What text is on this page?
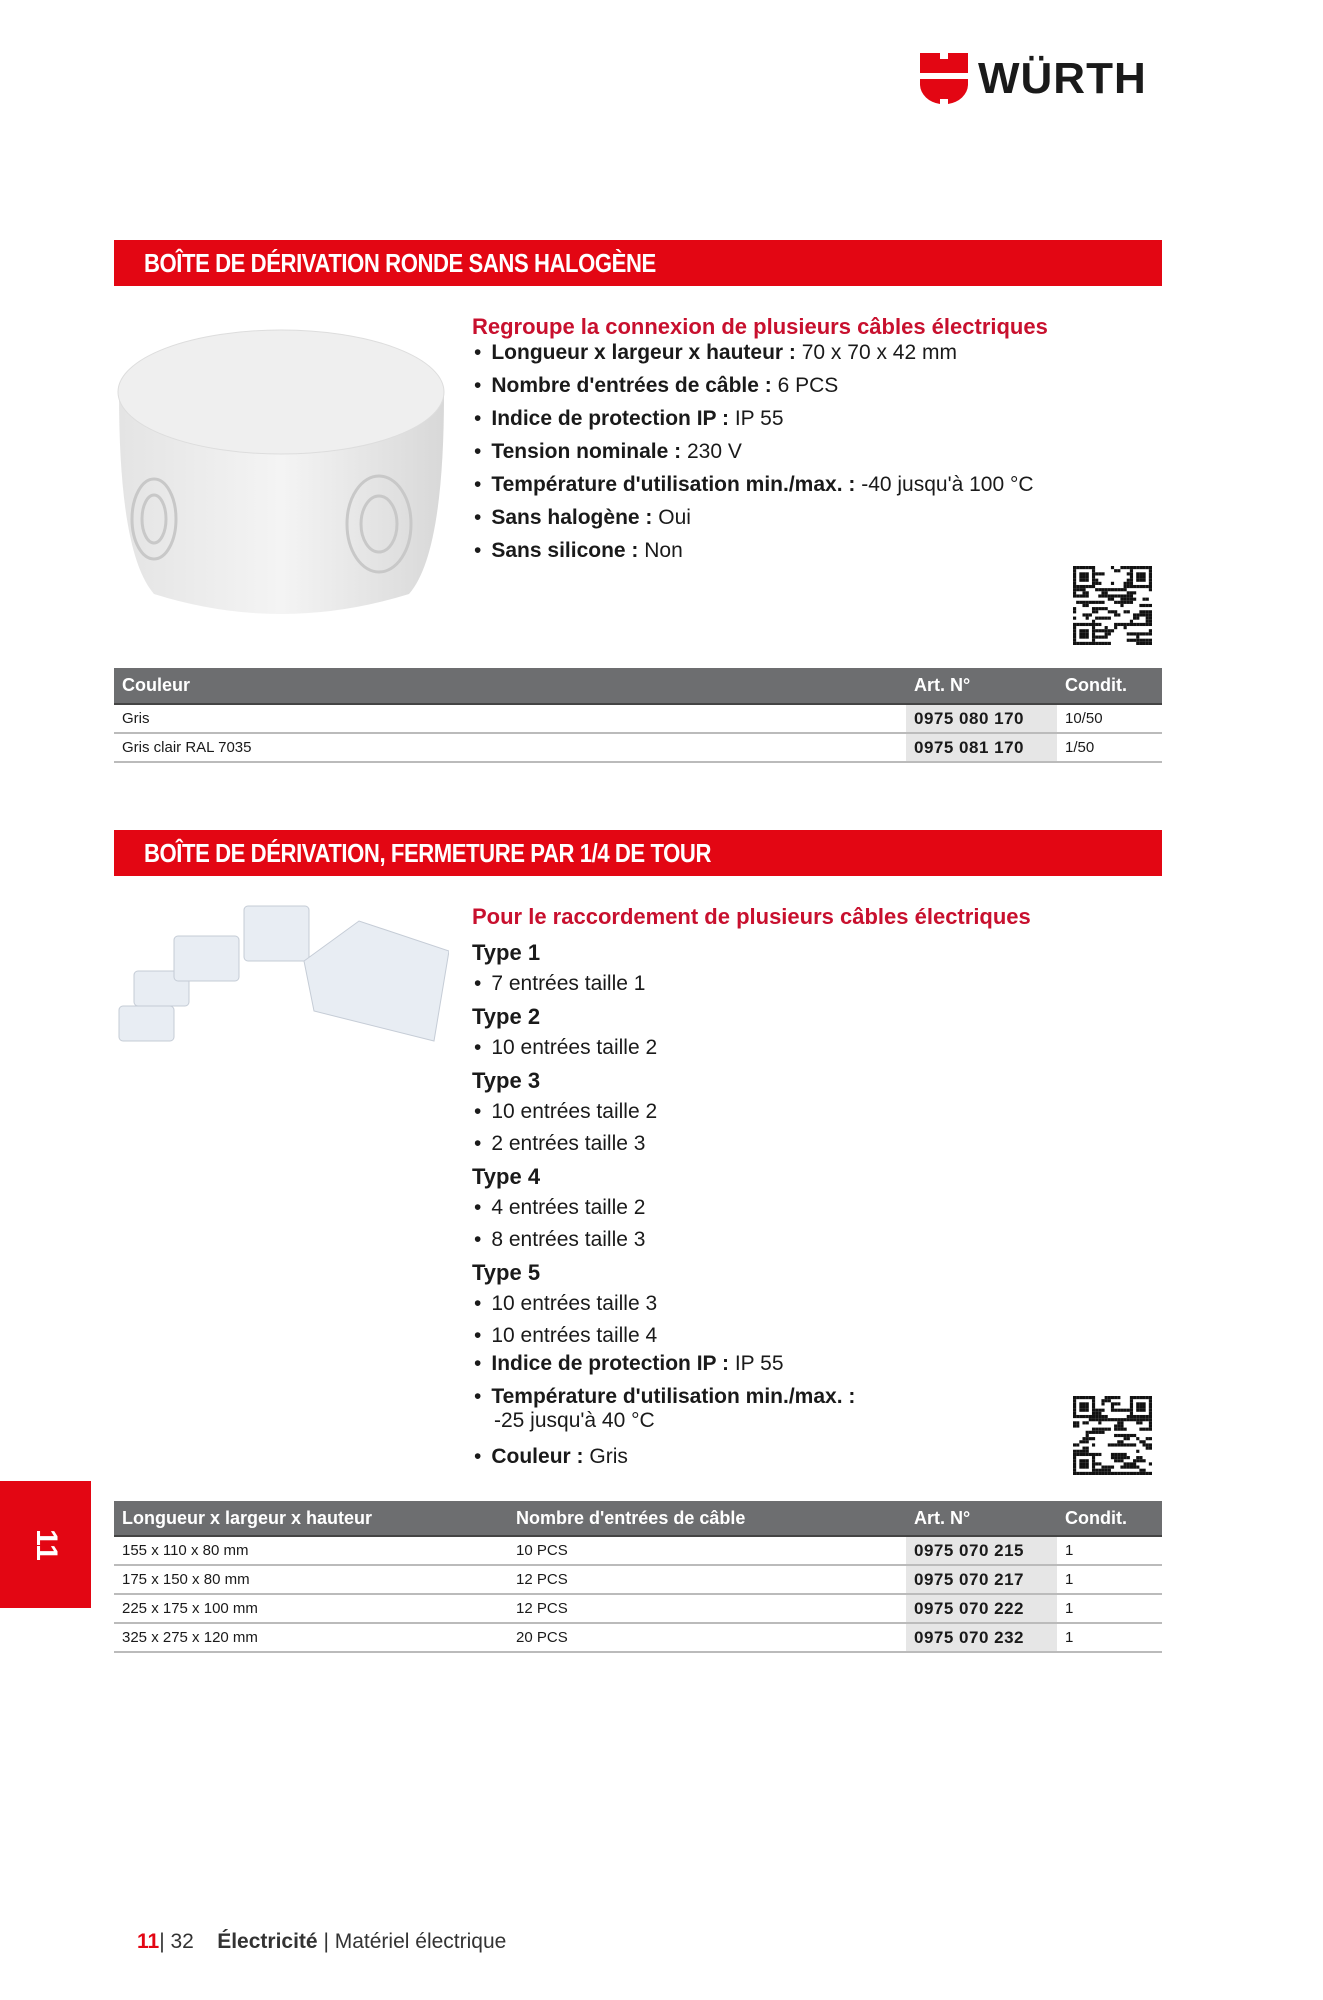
WÜRTH
BOÎTE DE DÉRIVATION RONDE SANS HALOGÈNE
Regroupe la connexion de plusieurs câbles électriques
Couleur	Art. N°	Condit.
Gris	0975 080 170	10/50
Gris clair RAL 7035	0975 081 170	1/50
BOÎTE DE DÉRIVATION, FERMETURE PAR 1/4 DE TOUR
Pour le raccordement de plusieurs câbles électriques
Longueur x largeur x hauteur	Nombre d'entrées de câble	Art. N°	Condit.
155 x 110 x 80 mm	10 PCS	0975 070 215	1
175 x 150 x 80 mm	12 PCS	0975 070 217	1
225 x 175 x 100 mm	12 PCS	0975 070 222	1
325 x 275 x 120 mm	20 PCS	0975 070 232	1
11
11| 32 Électricité | Matériel électrique
• Longueur x largeur x hauteur : 70 x 70 x 42 mm
• Nombre d'entrées de câble : 6 PCS
• Indice de protection IP : IP 55
• Tension nominale : 230 V
• Température d'utilisation min./max. : -40 jusqu'à 100 °C
• Sans halogène : Oui
• Sans silicone : Non
Type 1
• 7 entrées taille 1
Type 2
• 10 entrées taille 2
Type 3
• 10 entrées taille 2
• 2 entrées taille 3
Type 4
• 4 entrées taille 2
• 8 entrées taille 3
Type 5
• 10 entrées taille 3
• 10 entrées taille 4
• Indice de protection IP : IP 55
• Température d'utilisation min./max. :
-25 jusqu'à 40 °C
• Couleur : Gris
